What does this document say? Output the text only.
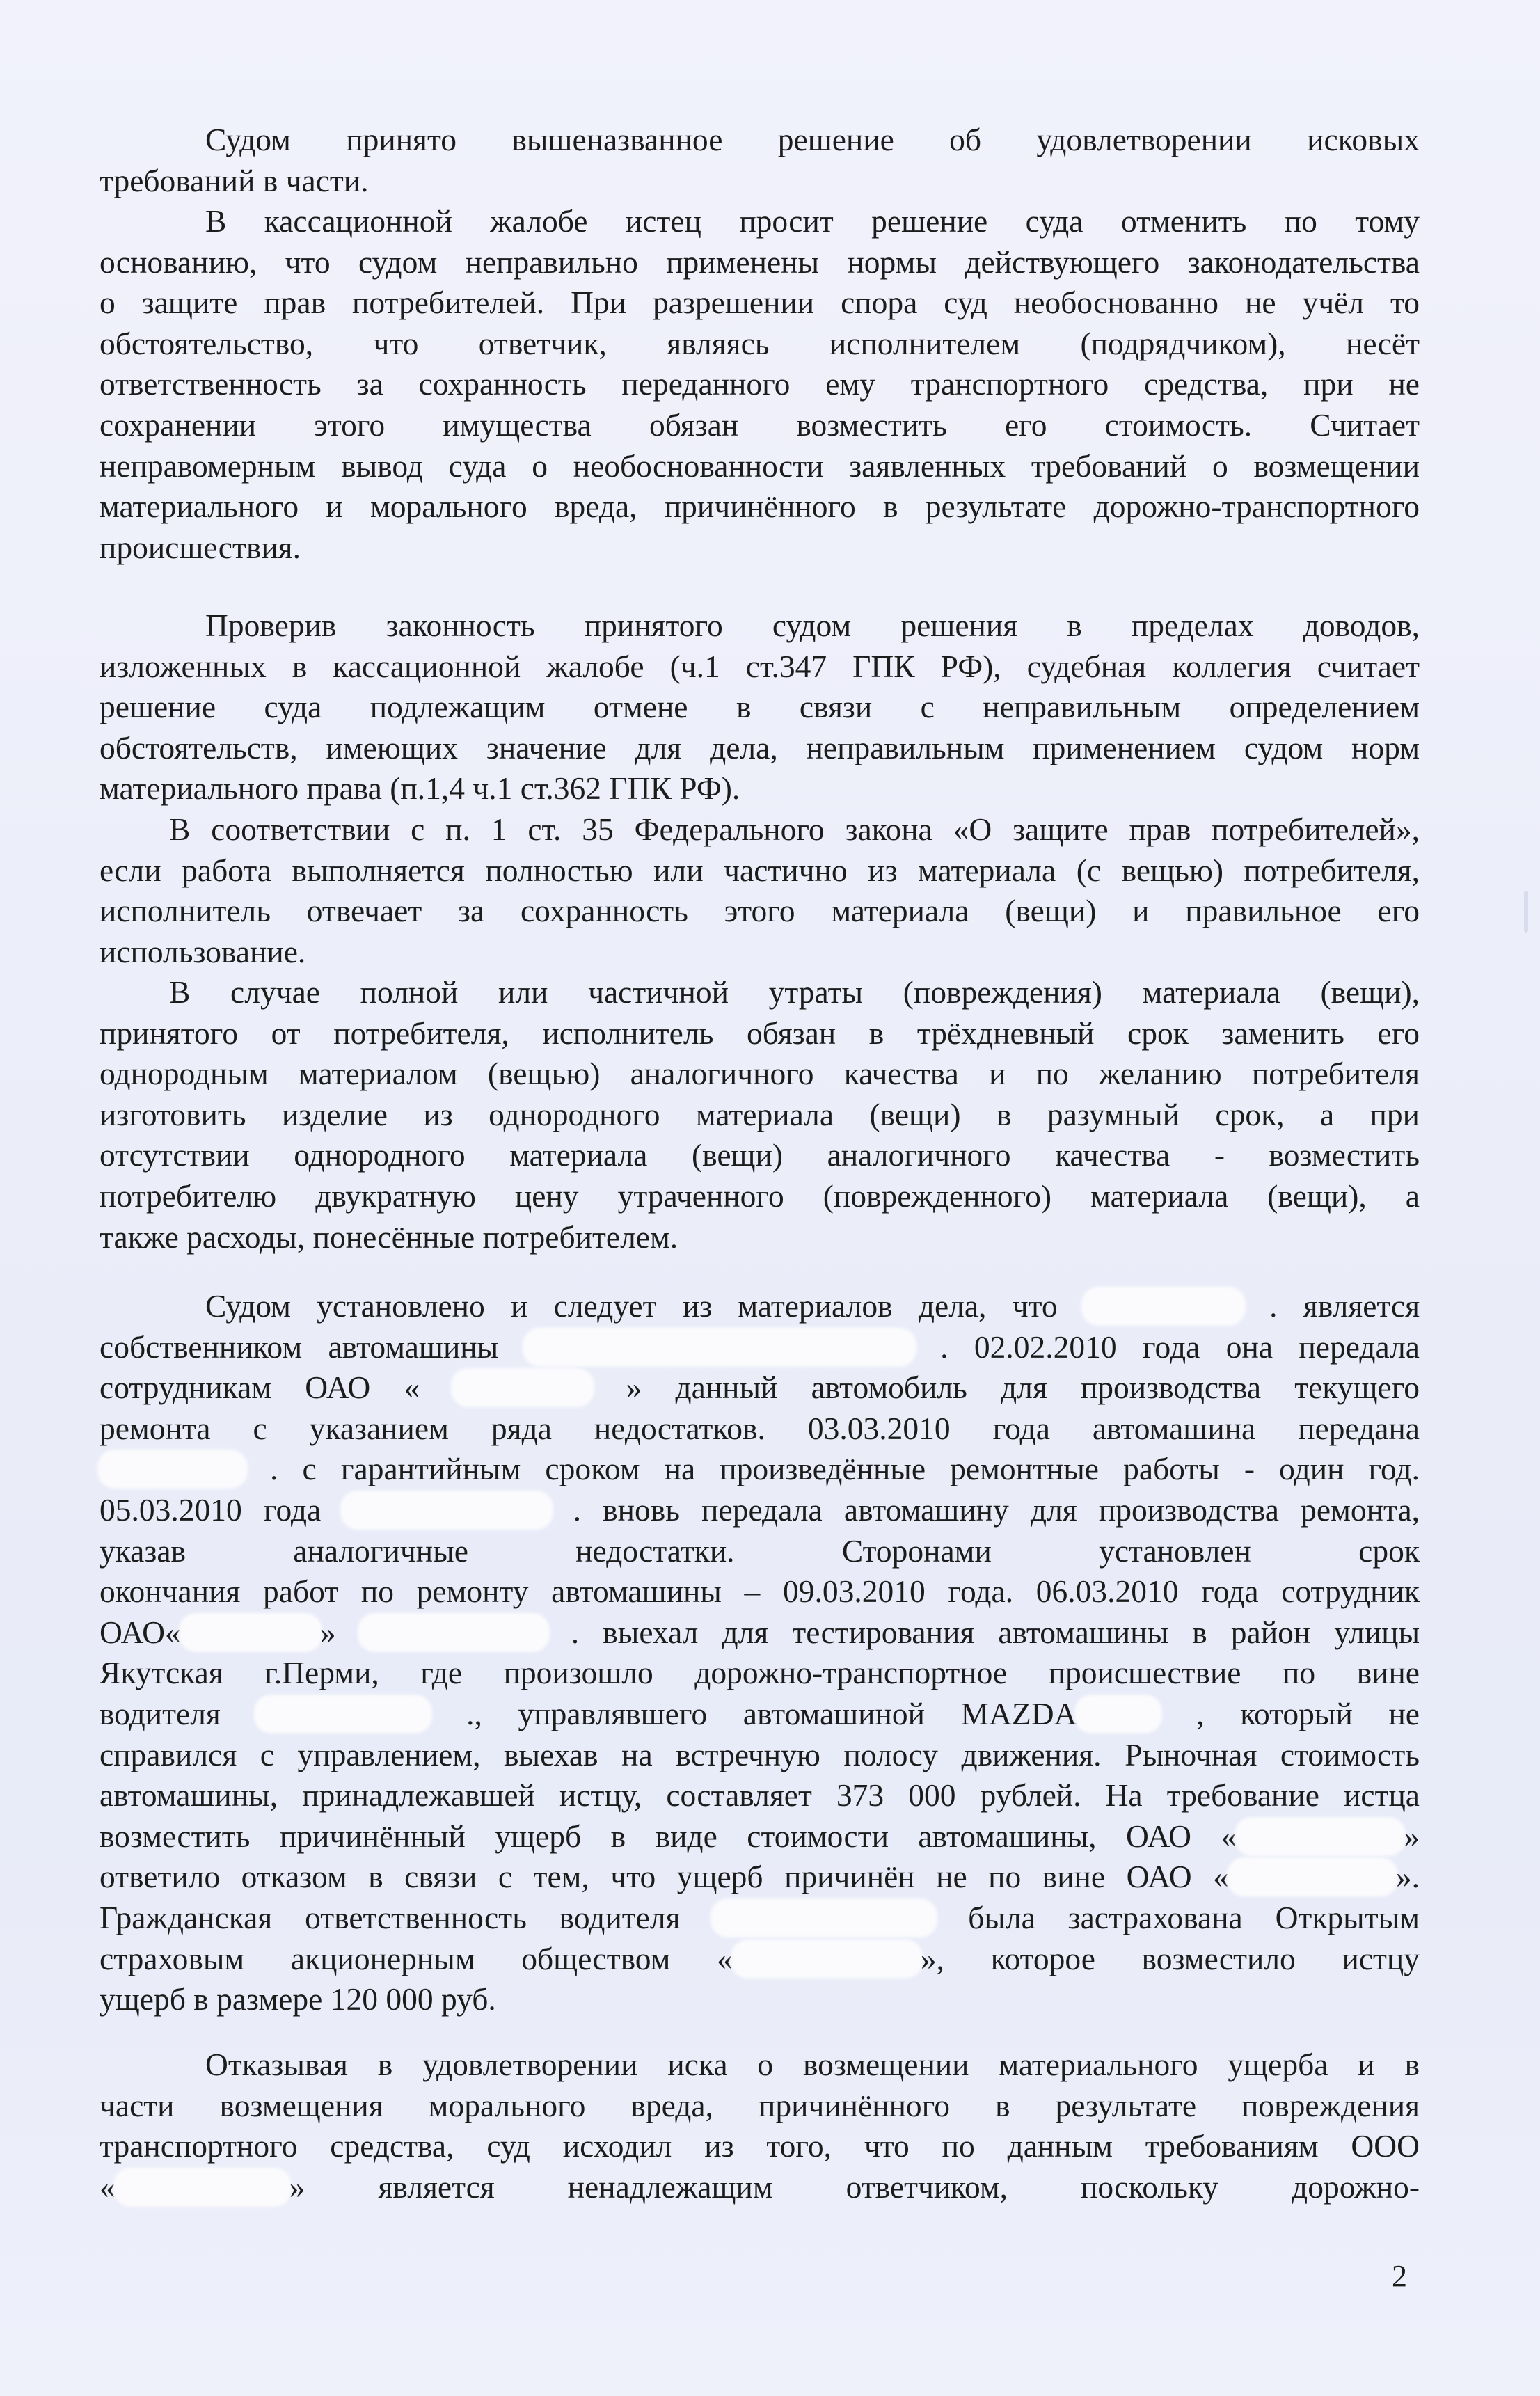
Судом принято вышеназванное решение об удовлетворении исковых
требований в части.
В кассационной жалобе истец просит решение суда отменить по тому
основанию, что судом неправильно применены нормы действующего законодательства
о защите прав потребителей. При разрешении спора суд необоснованно не учёл то
обстоятельство, что ответчик, являясь исполнителем (подрядчиком), несёт
ответственность за сохранность переданного ему транспортного средства, при не
сохранении этого имущества обязан возместить его стоимость. Считает
неправомерным вывод суда о необоснованности заявленных требований о возмещении
материального и морального вреда, причинённого в результате дорожно-транспортного
происшествия.
Проверив законность принятого судом решения в пределах доводов,
изложенных в кассационной жалобе (ч.1 ст.347 ГПК РФ), судебная коллегия считает
решение суда подлежащим отмене в связи с неправильным определением
обстоятельств, имеющих значение для дела, неправильным применением судом норм
материального права (п.1,4 ч.1 ст.362 ГПК РФ).
В соответствии с п. 1 ст. 35 Федерального закона «О защите прав потребителей»,
если работа выполняется полностью или частично из материала (с вещью) потребителя,
исполнитель отвечает за сохранность этого материала (вещи) и правильное его
использование.
В случае полной или частичной утраты (повреждения) материала (вещи),
принятого от потребителя, исполнитель обязан в трёхдневный срок заменить его
однородным материалом (вещью) аналогичного качества и по желанию потребителя
изготовить изделие из однородного материала (вещи) в разумный срок, а при
отсутствии однородного материала (вещи) аналогичного качества - возместить
потребителю двукратную цену утраченного (поврежденного) материала (вещи), а
также расходы, понесённые потребителем.
Судом установлено и следует из материалов дела, что	. является
собственником автомашины	. 02.02.2010 года она передала
сотрудникам ОАО «	» данный автомобиль для производства текущего
ремонта с указанием ряда недостатков. 03.03.2010 года автомашина передана
. с гарантийным сроком на произведённые ремонтные работы - один год.
05.03.2010 года	. вновь передала автомашину для производства ремонта,
указав аналогичные недостатки. Сторонами установлен срок
окончания работ по ремонту автомашины – 09.03.2010 года. 06.03.2010 года сотрудник
ОАО«	»	. выехал для тестирования автомашины в район улицы
Якутская г.Перми, где произошло дорожно-транспортное происшествие по вине
водителя	., управлявшего автомашиной MAZDA	, который не
справился с управлением, выехав на встречную полосу движения. Рыночная стоимость
автомашины, принадлежавшей истцу, составляет 373 000 рублей. На требование истца
возместить причинённый ущерб в виде стоимости автомашины, ОАО «	»
ответило отказом в связи с тем, что ущерб причинён не по вине ОАО «	».
Гражданская ответственность водителя	была застрахована Открытым
страховым акционерным обществом «	», которое возместило истцу
ущерб в размере 120 000 руб.
Отказывая в удовлетворении иска о возмещении материального ущерба и в
части возмещения морального вреда, причинённого в результате повреждения
транспортного средства, суд исходил из того, что по данным требованиям ООО
«	» является ненадлежащим ответчиком, поскольку дорожно-
2
